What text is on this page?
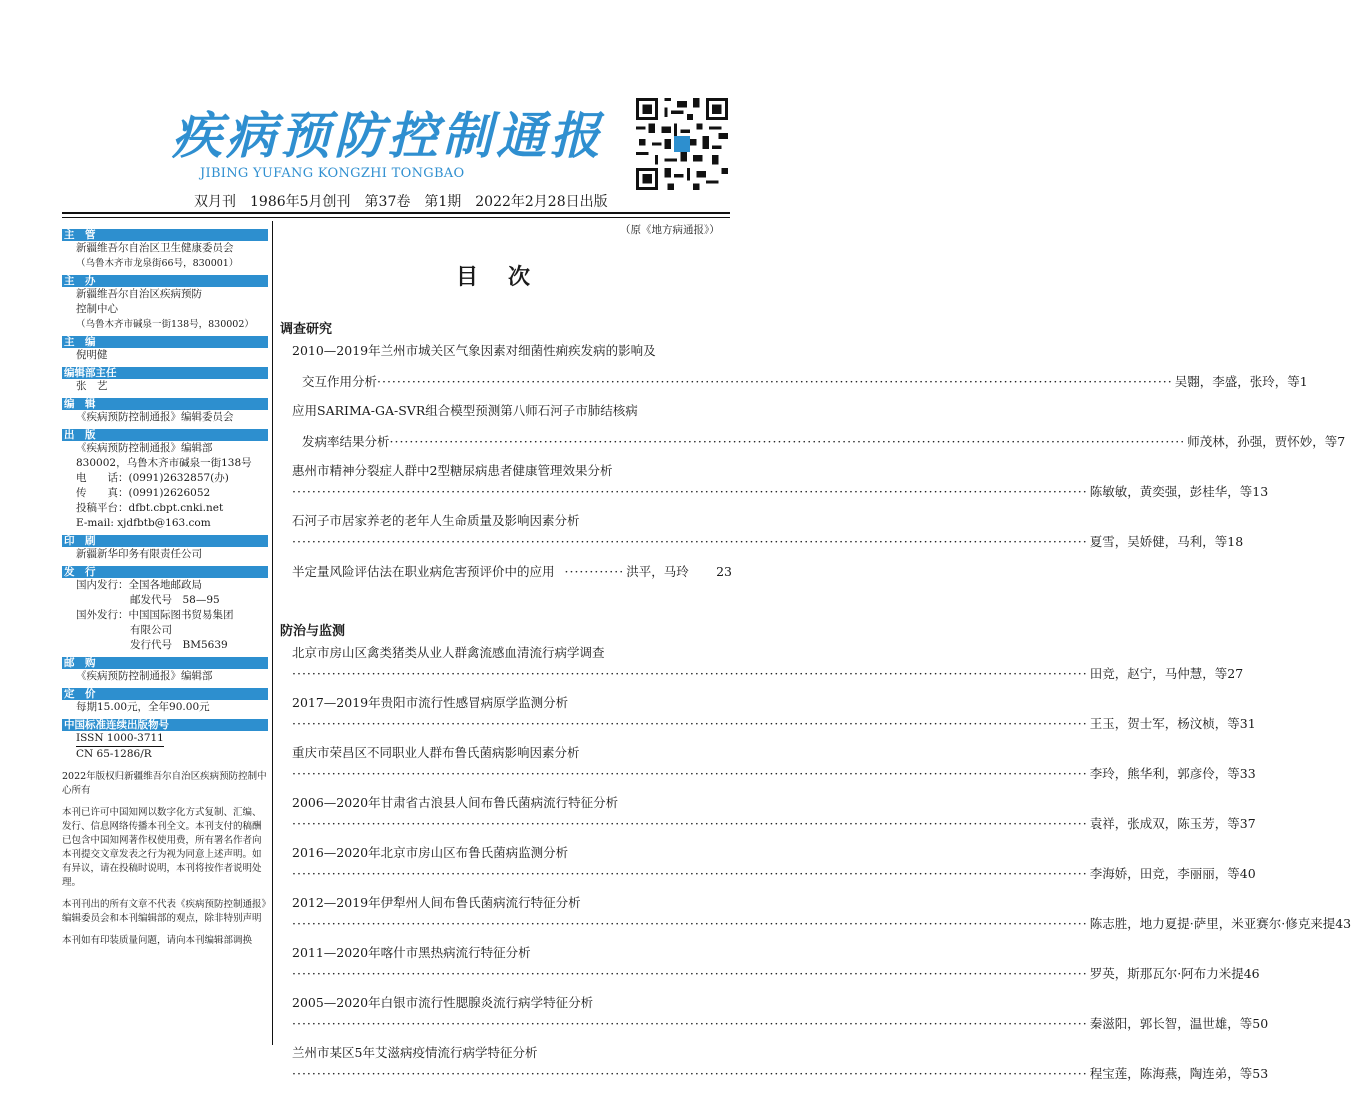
疾病预防控制通报
JIBING YUFANG KONGZHI TONGBAO
双月刊　1986年5月创刊　第37卷　第1期　2022年2月28日出版
主　管
新疆维吾尔自治区卫生健康委员会
（乌鲁木齐市龙泉街66号，830001）
主　办
新疆维吾尔自治区疾病预防
控制中心
（乌鲁木齐市碱泉一街138号，830002）
主　编
倪明健
编辑部主任
张　艺
编　辑
《疾病预防控制通报》编辑委员会
出　版
《疾病预防控制通报》编辑部
830002，乌鲁木齐市碱泉一街138号
电　　话：(0991)2632857(办)
传　　真：(0991)2626052
投稿平台：dfbt.cbpt.cnki.net
E-mail: xjdfbtb@163.com
印　刷
新疆新华印务有限责任公司
发　行
国内发行：全国各地邮政局
邮发代号　58—95
国外发行：中国国际图书贸易集团
有限公司
发行代号　BM5639
邮　购
《疾病预防控制通报》编辑部
定　价
每期15.00元，全年90.00元
中国标准连续出版物号
ISSN 1000-3711
CN 65-1286/R
2022年版权归新疆维吾尔自治区疾病预防控制中心所有
本刊已许可中国知网以数字化方式复制、汇编、发行、信息网络传播本刊全文。本刊支付的稿酬已包含中国知网著作权使用费，所有署名作者向本刊提交文章发表之行为视为同意上述声明。如有异议，请在投稿时说明，本刊将按作者说明处理。
本刊刊出的所有文章不代表《疾病预防控制通报》编辑委员会和本刊编辑部的观点，除非特别声明
本刊如有印装质量问题，请向本刊编辑部调换
（原《地方病通报》）
目次
调查研究
2010—2019年兰州市城关区气象因素对细菌性痢疾发病的影响及
交互作用分析 ································································································································································ 吴翾，李盛，张玲，等 1
应用SARIMA-GA-SVR组合模型预测第八师石河子市肺结核病
发病率结果分析 ································································································································································ 师茂林，孙强，贾怀妙，等 7
惠州市精神分裂症人群中2型糖尿病患者健康管理效果分析
································································································································································ 陈敏敏，黄奕强，彭桂华，等 13
石河子市居家养老的老年人生命质量及影响因素分析
································································································································································ 夏雪，吴娇健，马利，等 18
半定量风险评估法在职业病危害预评价中的应用 ············ 洪平，马玲	23
防治与监测
北京市房山区禽类猪类从业人群禽流感血清流行病学调查
································································································································································ 田竞，赵宁，马仲慧，等 27
2017—2019年贵阳市流行性感冒病原学监测分析
································································································································································ 王玉，贺士军，杨汶桢，等 31
重庆市荣昌区不同职业人群布鲁氏菌病影响因素分析
································································································································································ 李玲，熊华利，郭彦伶，等 33
2006—2020年甘肃省古浪县人间布鲁氏菌病流行特征分析
································································································································································ 袁祥，张成双，陈玉芳，等 37
2016—2020年北京市房山区布鲁氏菌病监测分析
································································································································································ 李海娇，田竞，李丽丽，等 40
2012—2019年伊犁州人间布鲁氏菌病流行特征分析
································································································································································ 陈志胜，地力夏提·萨里，米亚赛尔·修克来提 43
2011—2020年喀什市黑热病流行特征分析
································································································································································ 罗英，斯那瓦尔·阿布力米提 46
2005—2020年白银市流行性腮腺炎流行病学特征分析
································································································································································ 秦滋阳，郭长智，温世雄，等 50
兰州市某区5年艾滋病疫情流行病学特征分析
································································································································································ 程宝莲，陈海燕，陶连弟，等 53
